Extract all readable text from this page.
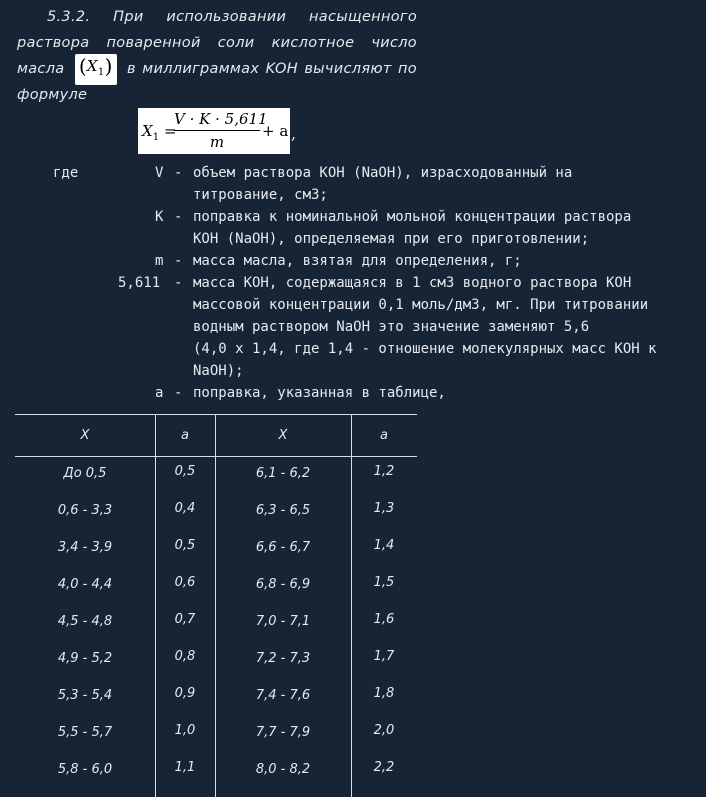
5.3.2. При использовании насыщенного
раствора поваренной соли кислотное число
масла $(X_1)$ в миллиграммах KOH вычисляют по
формуле
$X_1$ =
V · K · 5,611
m
+ a ,
где	V - объем раствора КОН (NaOH), израсходованный на
титрование, см3;
K - поправка к номинальной мольной концентрации раствора
КОН (NaOH), определяемая при его приготовлении;
m - масса масла, взятая для определения, г;
5,611 - масса КОН, содержащаяся в 1 см3 водного раствора КОН
массовой концентрации 0,1 моль/дм3, мг. При титровании
водным раствором NaOH это значение заменяют 5,6
(4,0 x 1,4, где 1,4 - отношение молекулярных масс КОН к
NaOH);
a - поправка, указанная в таблице,
X	a	X	a
До 0,5	0,5	6,1 - 6,2	1,2
0,6 - 3,3	0,4	6,3 - 6,5	1,3
3,4 - 3,9	0,5	6,6 - 6,7	1,4
4,0 - 4,4	0,6	6,8 - 6,9	1,5
4,5 - 4,8	0,7	7,0 - 7,1	1,6
4,9 - 5,2	0,8	7,2 - 7,3	1,7
5,3 - 5,4	0,9	7,4 - 7,6	1,8
5,5 - 5,7	1,0	7,7 - 7,9	2,0
5,8 - 6,0	1,1	8,0 - 8,2	2,2
